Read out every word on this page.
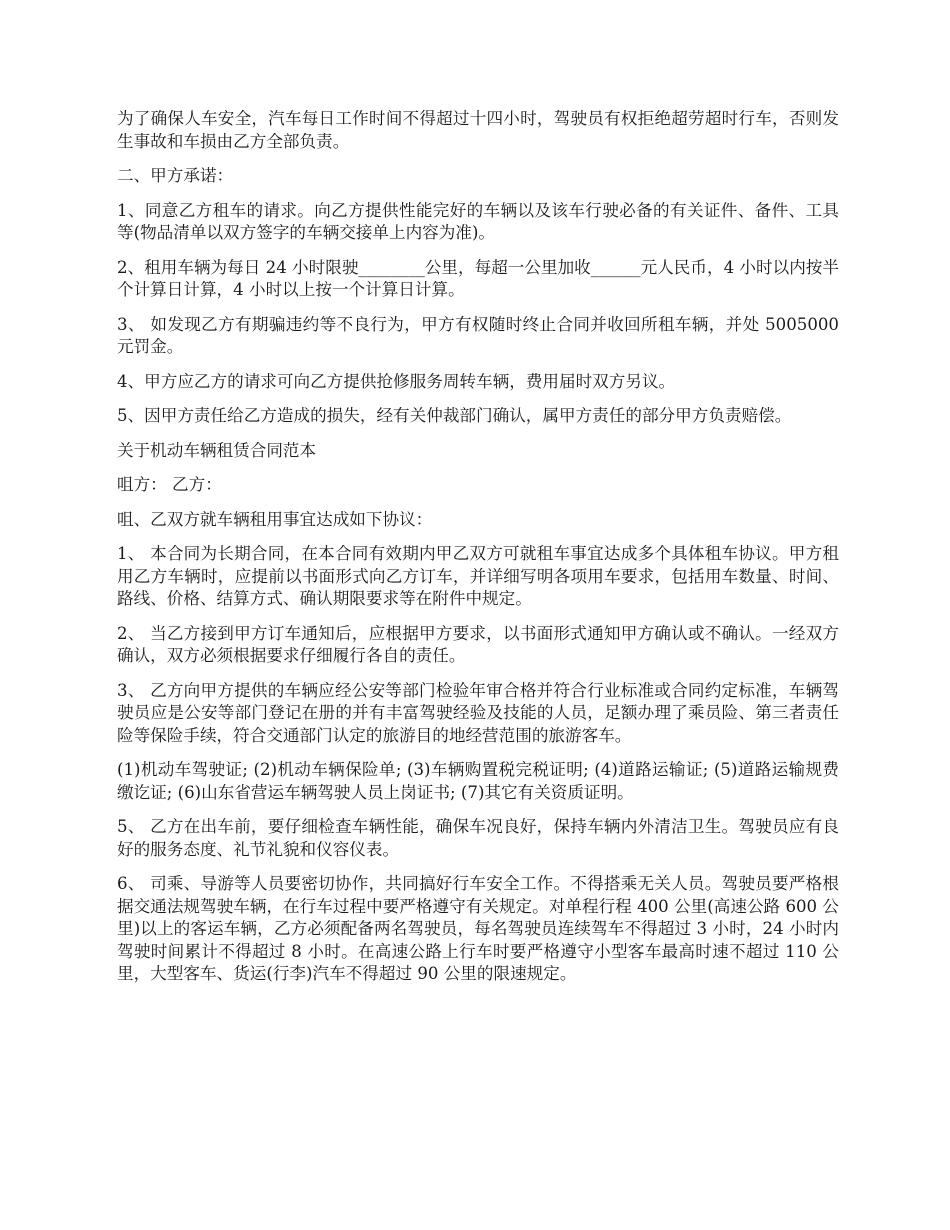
为了确保人车安全，汽车每日工作时间不得超过十四小时，驾驶员有权拒绝超劳超时行车，否则发生事故和车损由乙方全部负责。

二、甲方承诺：

1、同意乙方租车的请求。向乙方提供性能完好的车辆以及该车行驶必备的有关证件、备件、工具等(物品清单以双方签字的车辆交接单上内容为准)。

2、租用车辆为每日 24 小时限驶________公里，每超一公里加收______元人民币，4 小时以内按半个计算日计算，4 小时以上按一个计算日计算。

3、 如发现乙方有期骗违约等不良行为，甲方有权随时终止合同并收回所租车辆，并处 5005000 元罚金。

4、甲方应乙方的请求可向乙方提供抢修服务周转车辆，费用届时双方另议。

5、因甲方责任给乙方造成的损失，经有关仲裁部门确认，属甲方责任的部分甲方负责赔偿。

关于机动车辆租赁合同范本

咀方： 乙方：

咀、乙双方就车辆租用事宜达成如下协议：

1、 本合同为长期合同，在本合同有效期内甲乙双方可就租车事宜达成多个具体租车协议。甲方租用乙方车辆时，应提前以书面形式向乙方订车，并详细写明各项用车要求，包括用车数量、时间、路线、价格、结算方式、确认期限要求等在附件中规定。

2、 当乙方接到甲方订车通知后，应根据甲方要求，以书面形式通知甲方确认或不确认。一经双方确认，双方必须根据要求仔细履行各自的责任。

3、 乙方向甲方提供的车辆应经公安等部门检验年审合格并符合行业标准或合同约定标准，车辆驾驶员应是公安等部门登记在册的并有丰富驾驶经验及技能的人员，足额办理了乘员险、第三者责任险等保险手续，符合交通部门认定的旅游目的地经营范围的旅游客车。

(1)机动车驾驶证; (2)机动车辆保险单; (3)车辆购置税完税证明; (4)道路运输证; (5)道路运输规费缴讫证; (6)山东省营运车辆驾驶人员上岗证书; (7)其它有关资质证明。

5、 乙方在出车前，要仔细检查车辆性能，确保车况良好，保持车辆内外清洁卫生。驾驶员应有良好的服务态度、礼节礼貌和仪容仪表。

6、 司乘、导游等人员要密切协作，共同搞好行车安全工作。不得搭乘无关人员。驾驶员要严格根据交通法规驾驶车辆，在行车过程中要严格遵守有关规定。对单程行程 400 公里(高速公路 600 公里)以上的客运车辆，乙方必须配备两名驾驶员，每名驾驶员连续驾车不得超过 3 小时，24 小时内驾驶时间累计不得超过 8 小时。在高速公路上行车时要严格遵守小型客车最高时速不超过 110 公里，大型客车、货运(行李)汽车不得超过 90 公里的限速规定。
